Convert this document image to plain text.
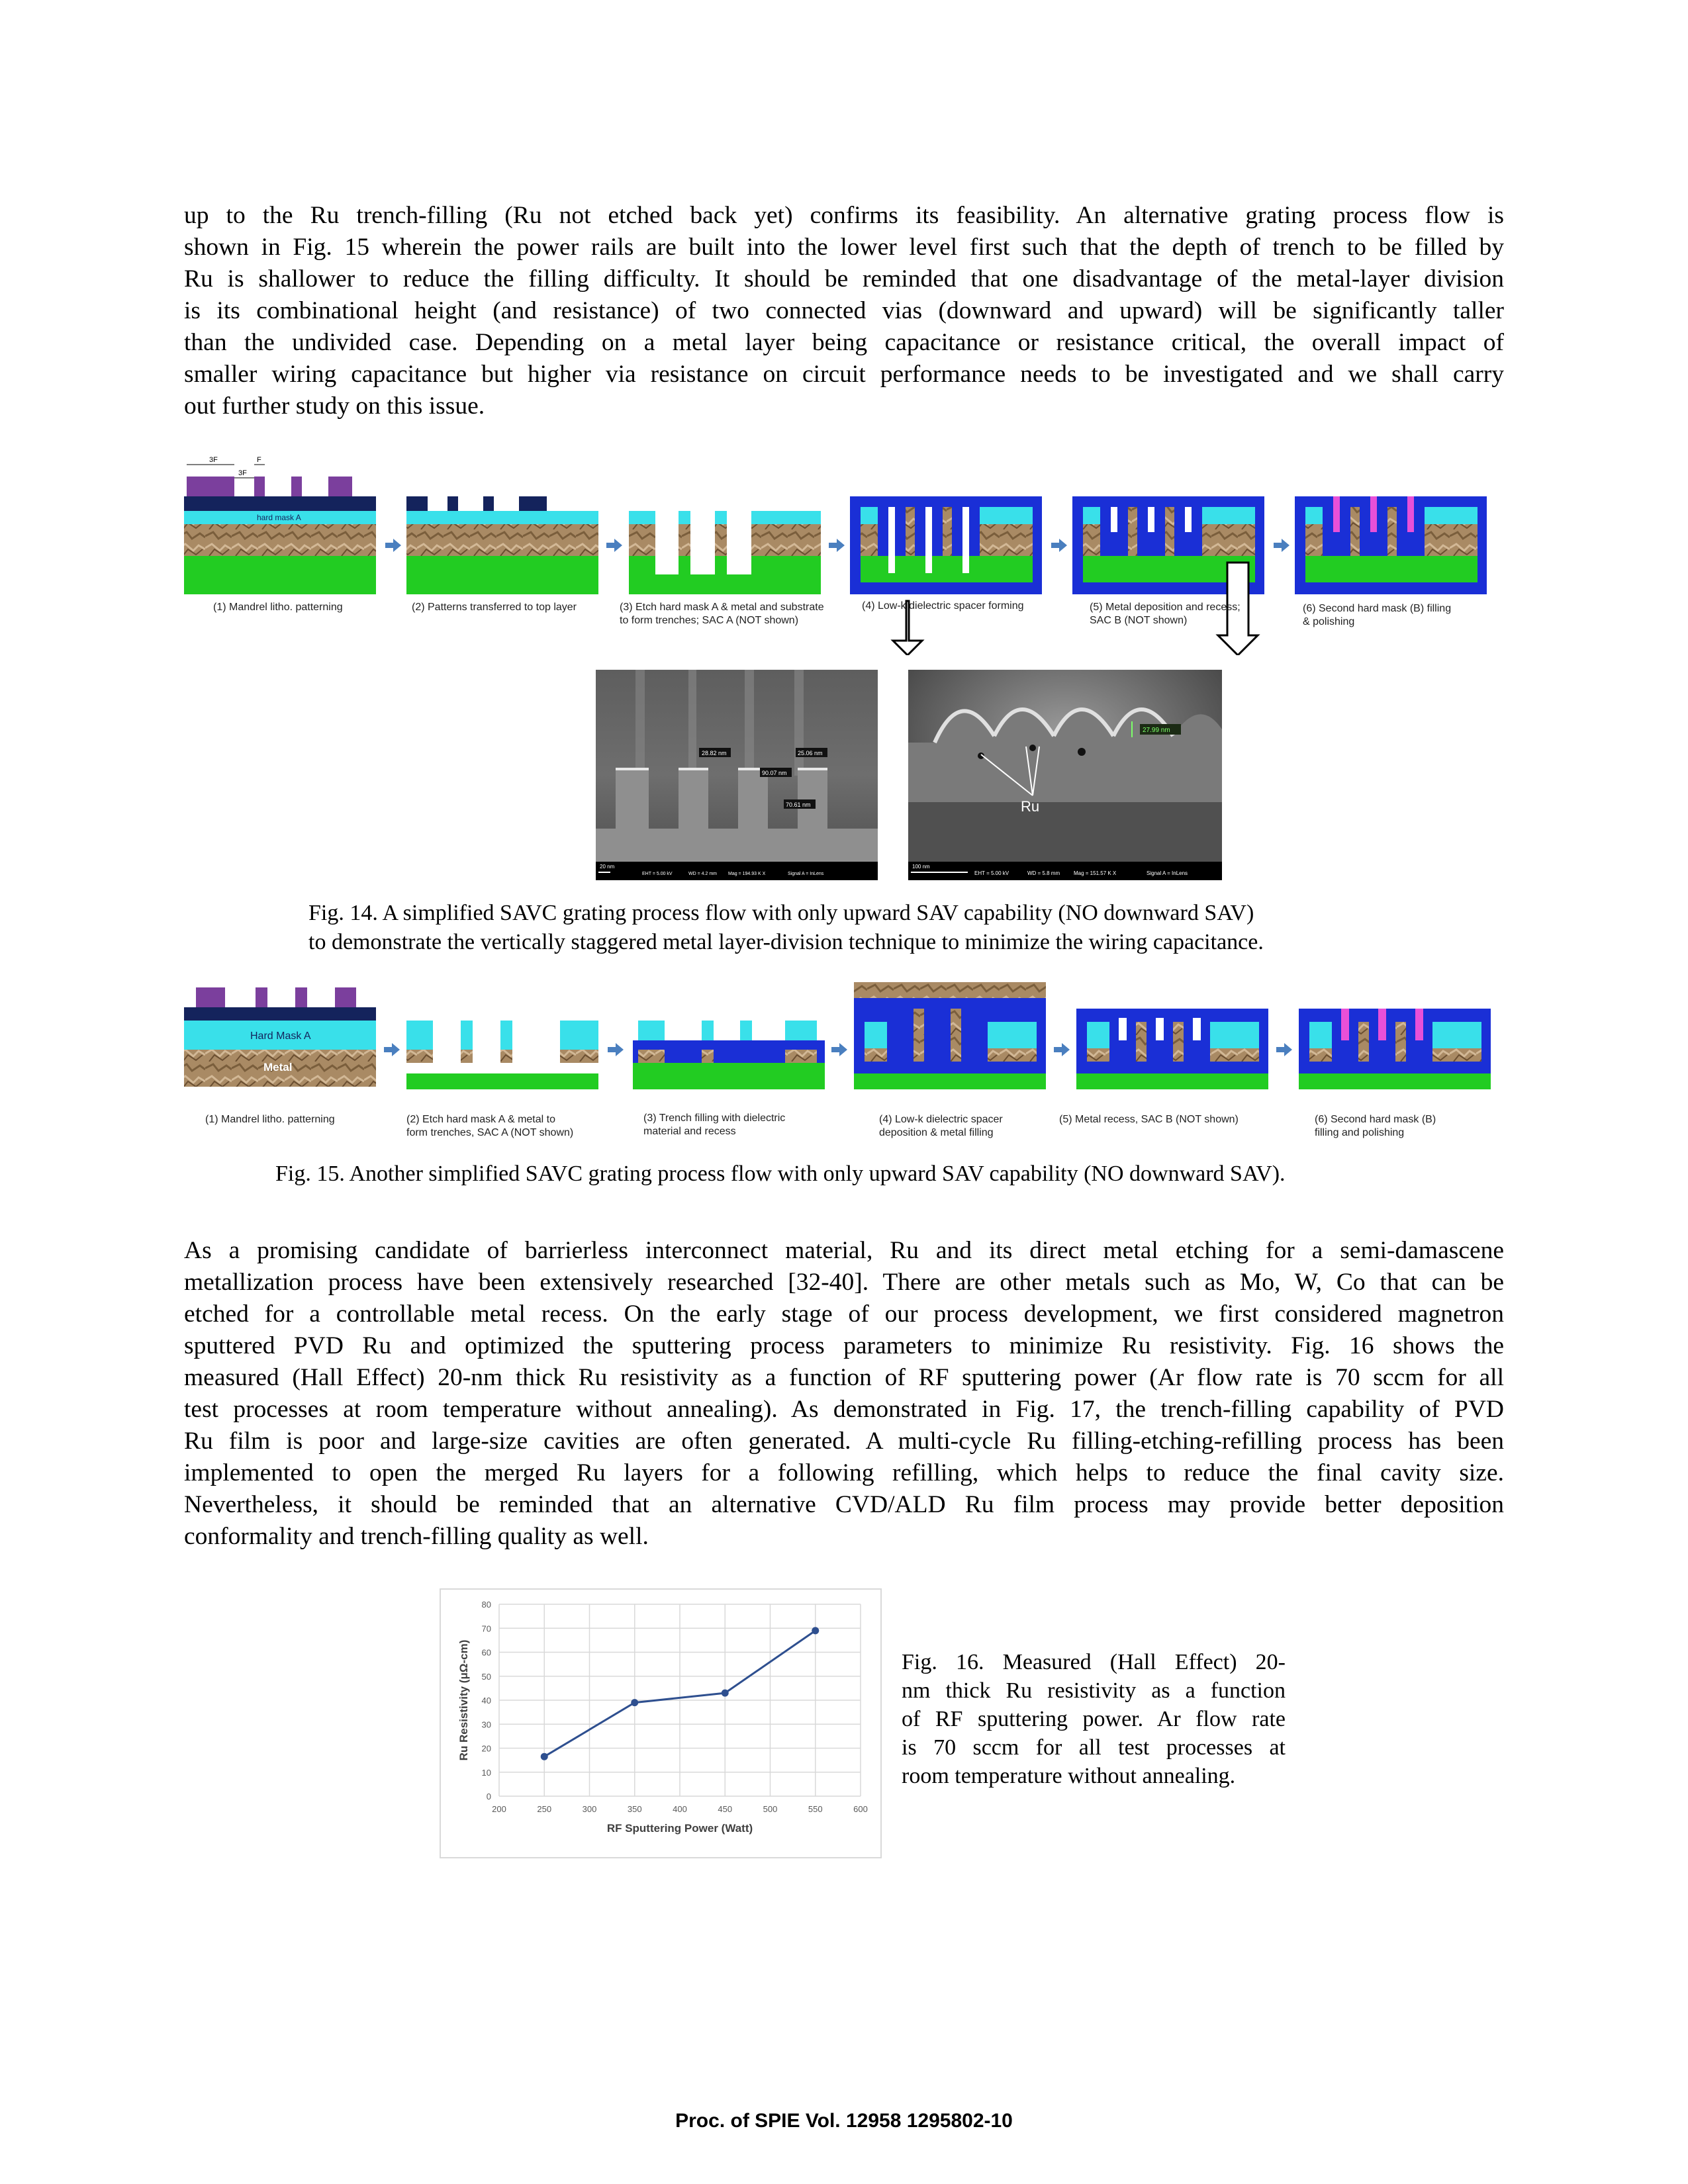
up to the Ru trench-filling (Ru not etched back yet) confirms its feasibility. An alternative grating process flow is
shown in Fig. 15 wherein the power rails are built into the lower level first such that the depth of trench to be filled by
Ru is shallower to reduce the filling difficulty. It should be reminded that one disadvantage of the metal-layer division
is its combinational height (and resistance) of two connected vias (downward and upward) will be significantly taller
than the undivided case. Depending on a metal layer being capacitance or resistance critical, the overall impact of
smaller wiring capacitance but higher via resistance on circuit performance needs to be investigated and we shall carry
out further study on this issue.
3F	F
3F
hard mask A
(1) Mandrel litho. patterning	(2) Patterns transferred to top layer	(3) Etch hard mask A & metal and substrate
to form trenches; SAC A (NOT shown)
(4) Low-k dielectric spacer forming	(5) Metal deposition and recess;
SAC B (NOT shown)
(6) Second hard mask (B) filling
& polishing
28.82 nm	25.06 nm
90.07 nm
70.61 nm
20 nm
EHT = 5.00 kV	WD = 4.2 mm Mag = 194.93 K X	Signal A = InLens
27.99 nm
Ru
100 nm
EHT = 5.00 kV	WD = 5.8 mm	Mag = 151.57 K X	Signal A = InLens
Fig. 14. A simplified SAVC grating process flow with only upward SAV capability (NO downward SAV)
to demonstrate the vertically staggered metal layer-division technique to minimize the wiring capacitance.
Hard Mask A
Metal
(1) Mandrel litho. patterning	(2) Etch hard mask A & metal to
form trenches, SAC A (NOT shown)
(3) Trench filling with dielectric
material and recess
(4) Low-k dielectric spacer
deposition & metal filling
(5) Metal recess, SAC B (NOT shown)	(6) Second hard mask (B)
filling and polishing
Fig. 15. Another simplified SAVC grating process flow with only upward SAV capability (NO downward SAV).
As a promising candidate of barrierless interconnect material, Ru and its direct metal etching for a semi-damascene
metallization process have been extensively researched [32-40]. There are other metals such as Mo, W, Co that can be
etched for a controllable metal recess. On the early stage of our process development, we first considered magnetron
sputtered PVD Ru and optimized the sputtering process parameters to minimize Ru resistivity. Fig. 16 shows the
measured (Hall Effect) 20-nm thick Ru resistivity as a function of RF sputtering power (Ar flow rate is 70 sccm for all
test processes at room temperature without annealing). As demonstrated in Fig. 17, the trench-filling capability of PVD
Ru film is poor and large-size cavities are often generated. A multi-cycle Ru filling-etching-refilling process has been
implemented to open the merged Ru layers for a following refilling, which helps to reduce the final cavity size.
Nevertheless, it should be reminded that an alternative CVD/ALD Ru film process may provide better deposition
conformality and trench-filling quality as well.
0
10
20
30
40
50
60
70
80
200	250	300	350	400	450	500	550	600
RF Sputtering Power (Watt)
Ru Resistivity (μΩ-cm)	Fig. 16. Measured (Hall Effect) 20-
nm thick Ru resistivity as a function
of RF sputtering power. Ar flow rate
is 70 sccm for all test processes at
room temperature without annealing.
Proc. of SPIE Vol. 12958 1295802-10
